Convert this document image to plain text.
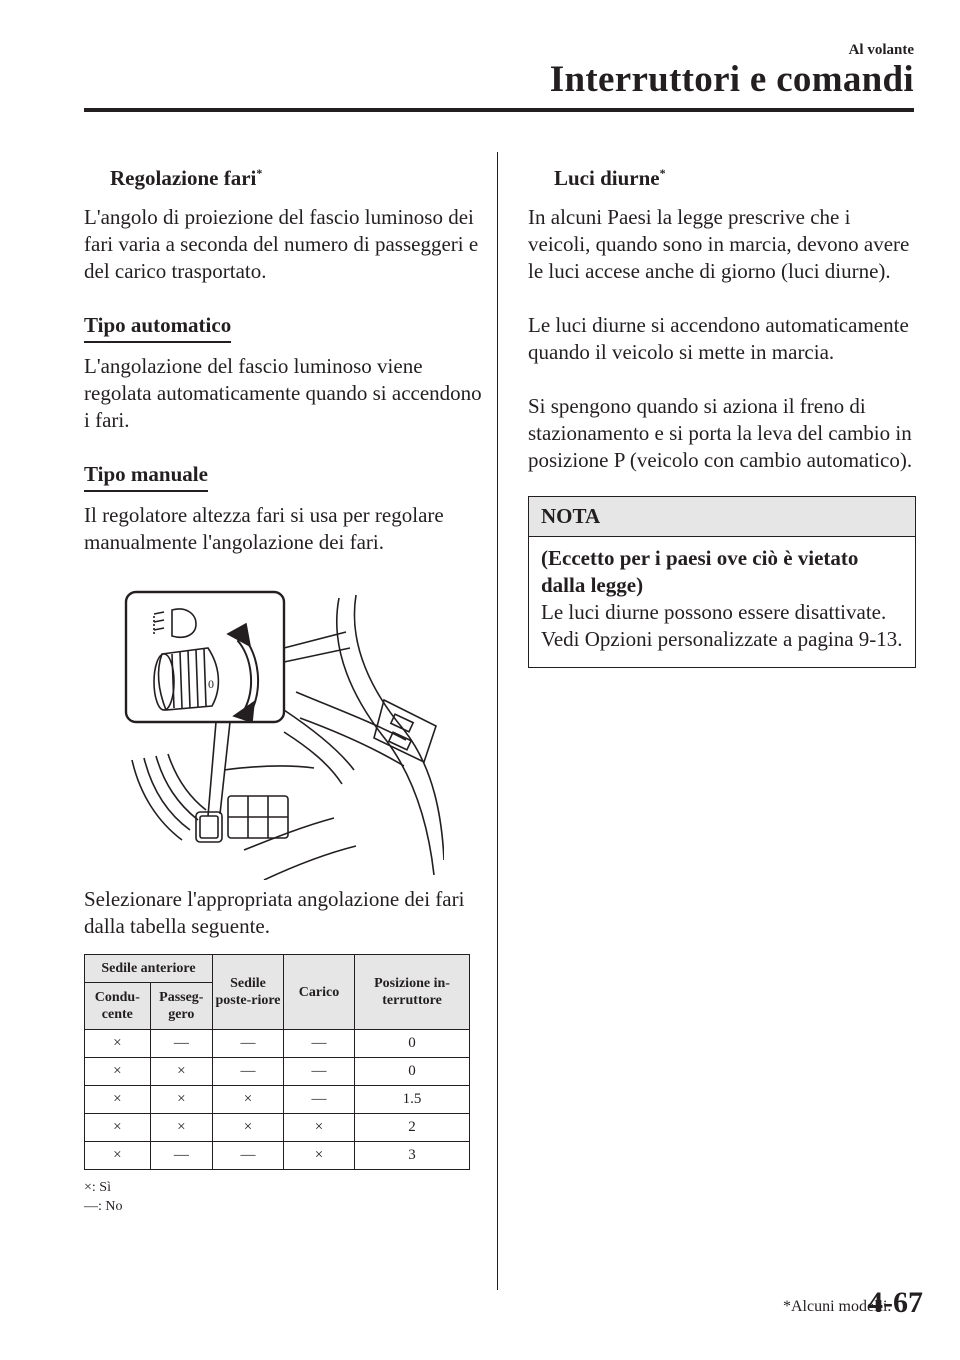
Al volante
Interruttori e comandi
Regolazione fari*

L'angolo di proiezione del fascio luminoso dei fari varia a seconda del numero di passeggeri e del carico trasportato.

Tipo automatico

L'angolazione del fascio luminoso viene regolata automaticamente quando si accendono i fari.

Tipo manuale

Il regolatore altezza fari si usa per regolare manualmente l'angolazione dei fari.

0

Selezionare l'appropriata angolazione dei fari dalla tabella seguente.

Sedile anteriore		Sedile poste-riore	Carico	Posizione in-terruttore
Condu-cente	Passeg-gero			
×	—	—	—	0
×	×	—	—	0
×	×	×	—	1.5
×	×	×	×	2
×	—	—	×	3
×: Sì
—: No
Luci diurne*

In alcuni Paesi la legge prescrive che i veicoli, quando sono in marcia, devono avere le luci accese anche di giorno (luci diurne).

Le luci diurne si accendono automaticamente quando il veicolo si mette in marcia.

Si spengono quando si aziona il freno di stazionamento e si porta la leva del cambio in posizione P (veicolo con cambio automatico).

NOTA

(Eccetto per i paesi ove ciò è vietato dalla legge)

Le luci diurne possono essere disattivate.

Vedi Opzioni personalizzate a pagina 9-13.

*Alcuni modelli.
4-67
